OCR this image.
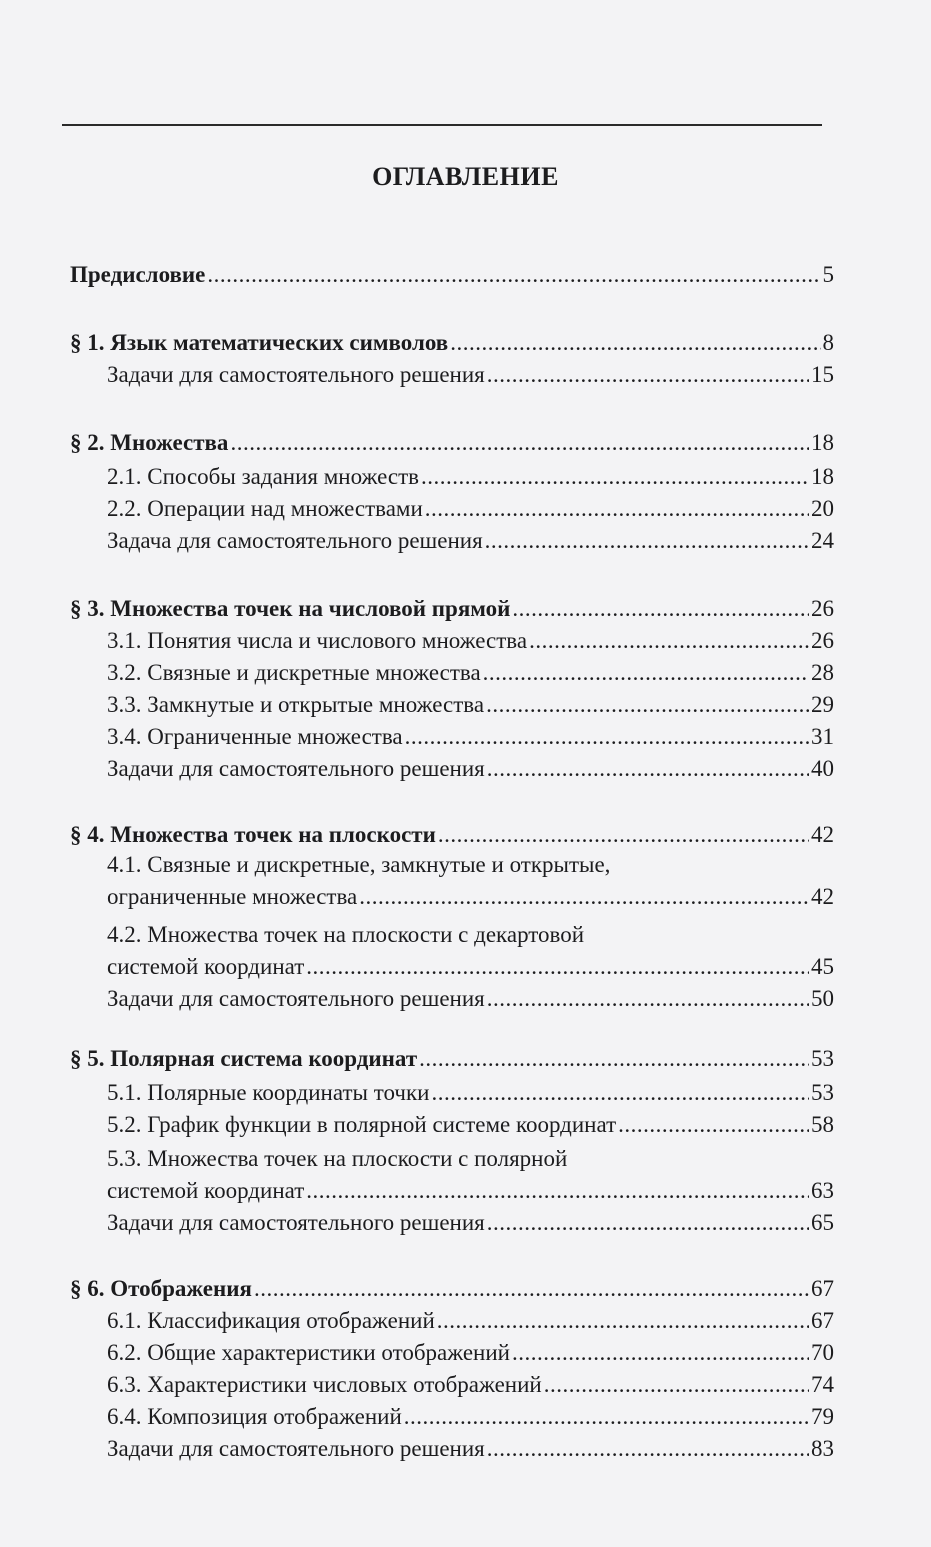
ОГЛАВЛЕНИЕ
Предисловие .....	5
§ 1. Язык математических символов .....	8
Задачи для самостоятельного решения .....	15
§ 2. Множества .....	18
2.1. Способы задания множеств .....	18
2.2. Операции над множествами .....	20
Задача для самостоятельного решения .....	24
§ 3. Множества точек на числовой прямой .....	26
3.1. Понятия числа и числового множества .....	26
3.2. Связные и дискретные множества .....	28
3.3. Замкнутые и открытые множества .....	29
3.4. Ограниченные множества .....	31
Задачи для самостоятельного решения .....	40
§ 4. Множества точек на плоскости .....	42
4.1. Связные и дискретные, замкнутые и открытые,
ограниченные множества .....	42
4.2. Множества точек на плоскости с декартовой
системой координат .....	45
Задачи для самостоятельного решения .....	50
§ 5. Полярная система координат .....	53
5.1. Полярные координаты точки .....	53
5.2. График функции в полярной системе координат .....	58
5.3. Множества точек на плоскости с полярной
системой координат .....	63
Задачи для самостоятельного решения .....	65
§ 6. Отображения .....	67
6.1. Классификация отображений .....	67
6.2. Общие характеристики отображений .....	70
6.3. Характеристики числовых отображений .....	74
6.4. Композиция отображений .....	79
Задачи для самостоятельного решения .....	83
